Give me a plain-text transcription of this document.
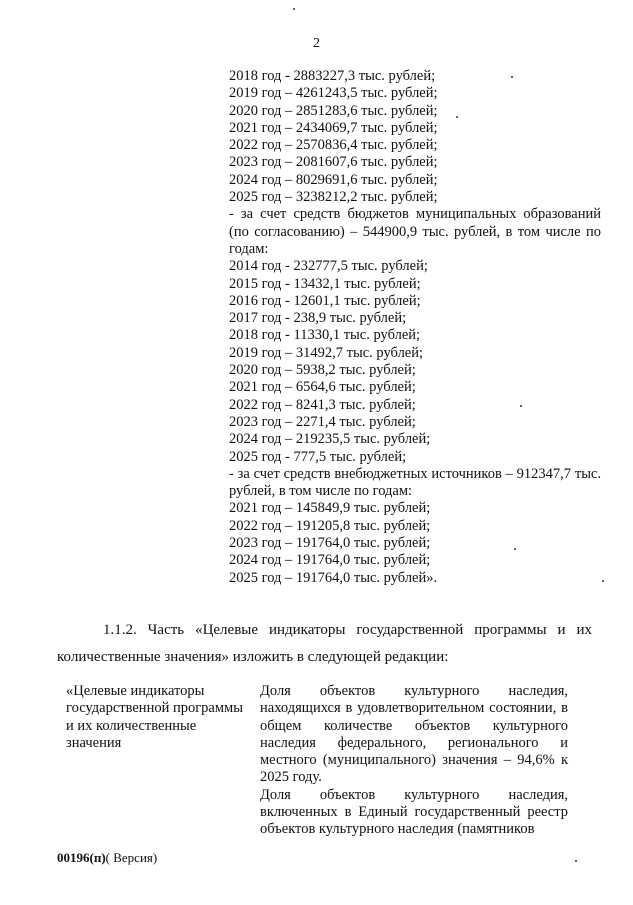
2
2018 год - 2883227,3 тыс. рублей;
2019 год – 4261243,5 тыс. рублей;
2020 год – 2851283,6 тыс. рублей;
2021 год – 2434069,7 тыс. рублей;
2022 год – 2570836,4 тыс. рублей;
2023 год – 2081607,6 тыс. рублей;
2024 год – 8029691,6 тыс. рублей;
2025 год – 3238212,2 тыс. рублей;
- за счет средств бюджетов муниципальных образований (по согласованию) – 544900,9 тыс. рублей, в том числе по годам:
2014 год - 232777,5 тыс. рублей;
2015 год - 13432,1 тыс. рублей;
2016 год - 12601,1 тыс. рублей;
2017 год - 238,9 тыс. рублей;
2018 год - 11330,1 тыс. рублей;
2019 год – 31492,7 тыс. рублей;
2020 год – 5938,2 тыс. рублей;
2021 год – 6564,6 тыс. рублей;
2022 год – 8241,3 тыс. рублей;
2023 год – 2271,4 тыс. рублей;
2024 год – 219235,5 тыс. рублей;
2025 год - 777,5 тыс. рублей;
- за счет средств внебюджетных источников – 912347,7 тыс. рублей, в том числе по годам:
2021 год – 145849,9 тыс. рублей;
2022 год – 191205,8 тыс. рублей;
2023 год – 191764,0 тыс. рублей;
2024 год – 191764,0 тыс. рублей;
2025 год – 191764,0 тыс. рублей».
1.1.2. Часть «Целевые индикаторы государственной программы и их
количественные значения» изложить в следующей редакции:
«Целевые индикаторы государственной программы и их количественные значения
Доля объектов культурного наследия, находящихся в удовлетворительном состоянии, в общем количестве объектов культурного наследия федерального, регионального и местного (муниципального) значения – 94,6% к 2025 году.
Доля объектов культурного наследия, включенных в Единый государственный реестр объектов культурного наследия (памятников
00196(п)( Версия)
